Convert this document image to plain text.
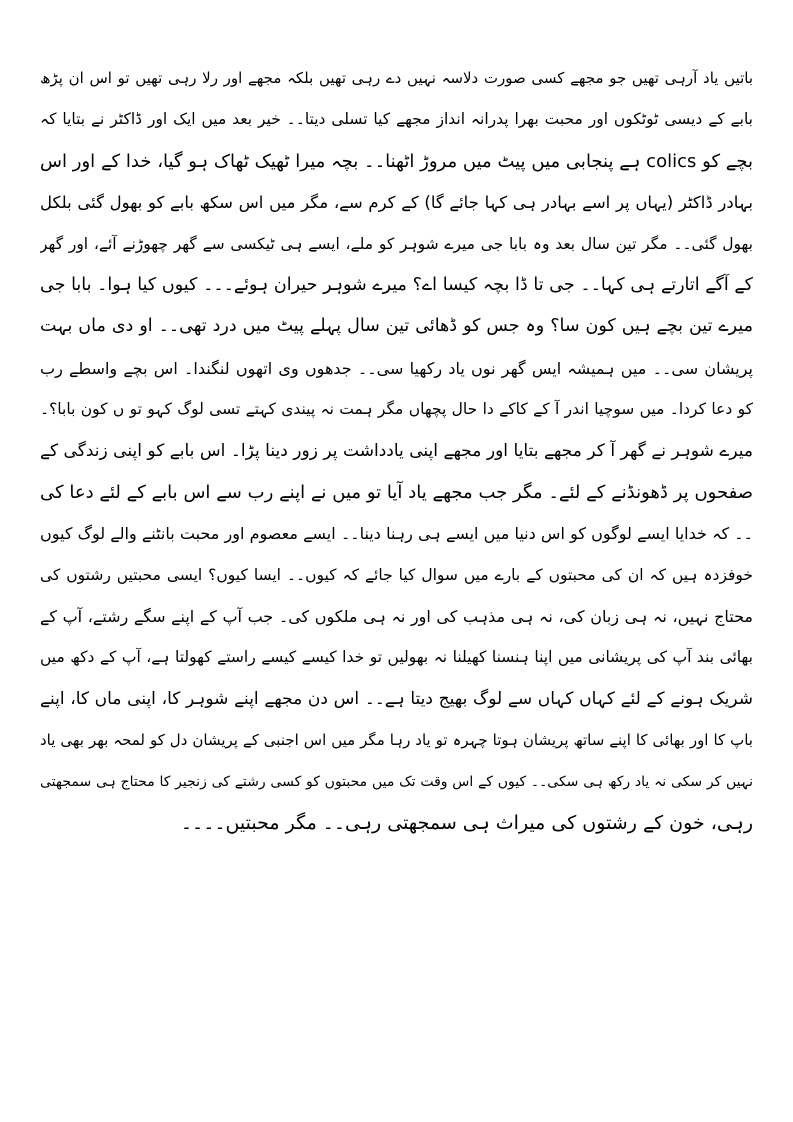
باتیں یاد آرہی تھیں جو مجھے کسی صورت دلاسہ نہیں دے رہی تھیں بلکہ مجھے اور رلا رہی تھیں تو اس ان پڑھ
بابے کے دیسی ٹوٹکوں اور محبت بھرا پدرانہ انداز مجھے کیا تسلی دیتا۔۔ خیر بعد میں ایک اور ڈاکٹر نے بتایا کہ
بچے کو colics ہے پنجابی میں پیٹ میں مروڑ اٹھنا۔۔ بچہ میرا ٹھیک ٹھاک ہو گیا، خدا کے اور اس
بہادر ڈاکٹر (یہاں پر اسے بہادر ہی کہا جائے گا) کے کرم سے، مگر میں اس سکھ بابے کو بھول گئی بلکل
بھول گئی۔۔ مگر تین سال بعد وہ بابا جی میرے شوہر کو ملے، ایسے ہی ٹیکسی سے گھر چھوڑنے آئے، اور گھر
کے آگے اتارتے ہی کہا۔۔ جی تا ڈا بچہ کیسا اے؟ میرے شوہر حیران ہوئے۔۔۔ کیوں کیا ہوا۔ بابا جی
میرے تین بچے ہیں کون سا؟ وہ جس کو ڈھائی تین سال پہلے پیٹ میں درد تھی۔۔ او دی ماں بہت
پریشان سی۔۔ میں ہمیشہ ایس گھر نوں یاد رکھیا سی۔۔ جدھوں وی اتھوں لنگندا۔ اس بچے واسطے رب
کو دعا کردا۔ میں سوچیا اندر آ کے کاکے دا حال پچھاں مگر ہمت نہ پیندی کہتے تسی لوگ کہو تو ں کون بابا؟۔
میرے شوہر نے گھر آ کر مجھے بتایا اور مجھے اپنی یادداشت پر زور دینا پڑا۔ اس بابے کو اپنی زندگی کے
صفحوں پر ڈھونڈنے کے لئے۔ مگر جب مجھے یاد آیا تو میں نے اپنے رب سے اس بابے کے لئے دعا کی
۔۔ کہ خدایا ایسے لوگوں کو اس دنیا میں ایسے ہی رہنا دینا۔۔ ایسے معصوم اور محبت بانٹنے والے لوگ کیوں
خوفزدہ ہیں کہ ان کی محبتوں کے بارے میں سوال کیا جائے کہ کیوں۔۔ ایسا کیوں؟ ایسی محبتیں رشتوں کی
محتاج نہیں، نہ ہی زبان کی، نہ ہی مذہب کی اور نہ ہی ملکوں کی۔ جب آپ کے اپنے سگے رشتے، آپ کے
بھائی بند آپ کی پریشانی میں اپنا ہنسنا کھیلنا نہ بھولیں تو خدا کیسے کیسے راستے کھولتا ہے، آپ کے دکھ میں
شریک ہونے کے لئے کہاں کہاں سے لوگ بھیج دیتا ہے۔۔ اس دن مجھے اپنے شوہر کا، اپنی ماں کا، اپنے
باپ کا اور بھائی کا اپنے ساتھ پریشان ہوتا چہرہ تو یاد رہا مگر میں اس اجنبی کے پریشان دل کو لمحہ بھر بھی یاد
نہیں کر سکی نہ یاد رکھ ہی سکی۔۔ کیوں کے اس وقت تک میں محبتوں کو کسی رشتے کی زنجیر کا محتاج ہی سمجھتی
رہی، خون کے رشتوں کی میراث ہی سمجھتی رہی۔۔ مگر محبتیں۔۔۔۔
